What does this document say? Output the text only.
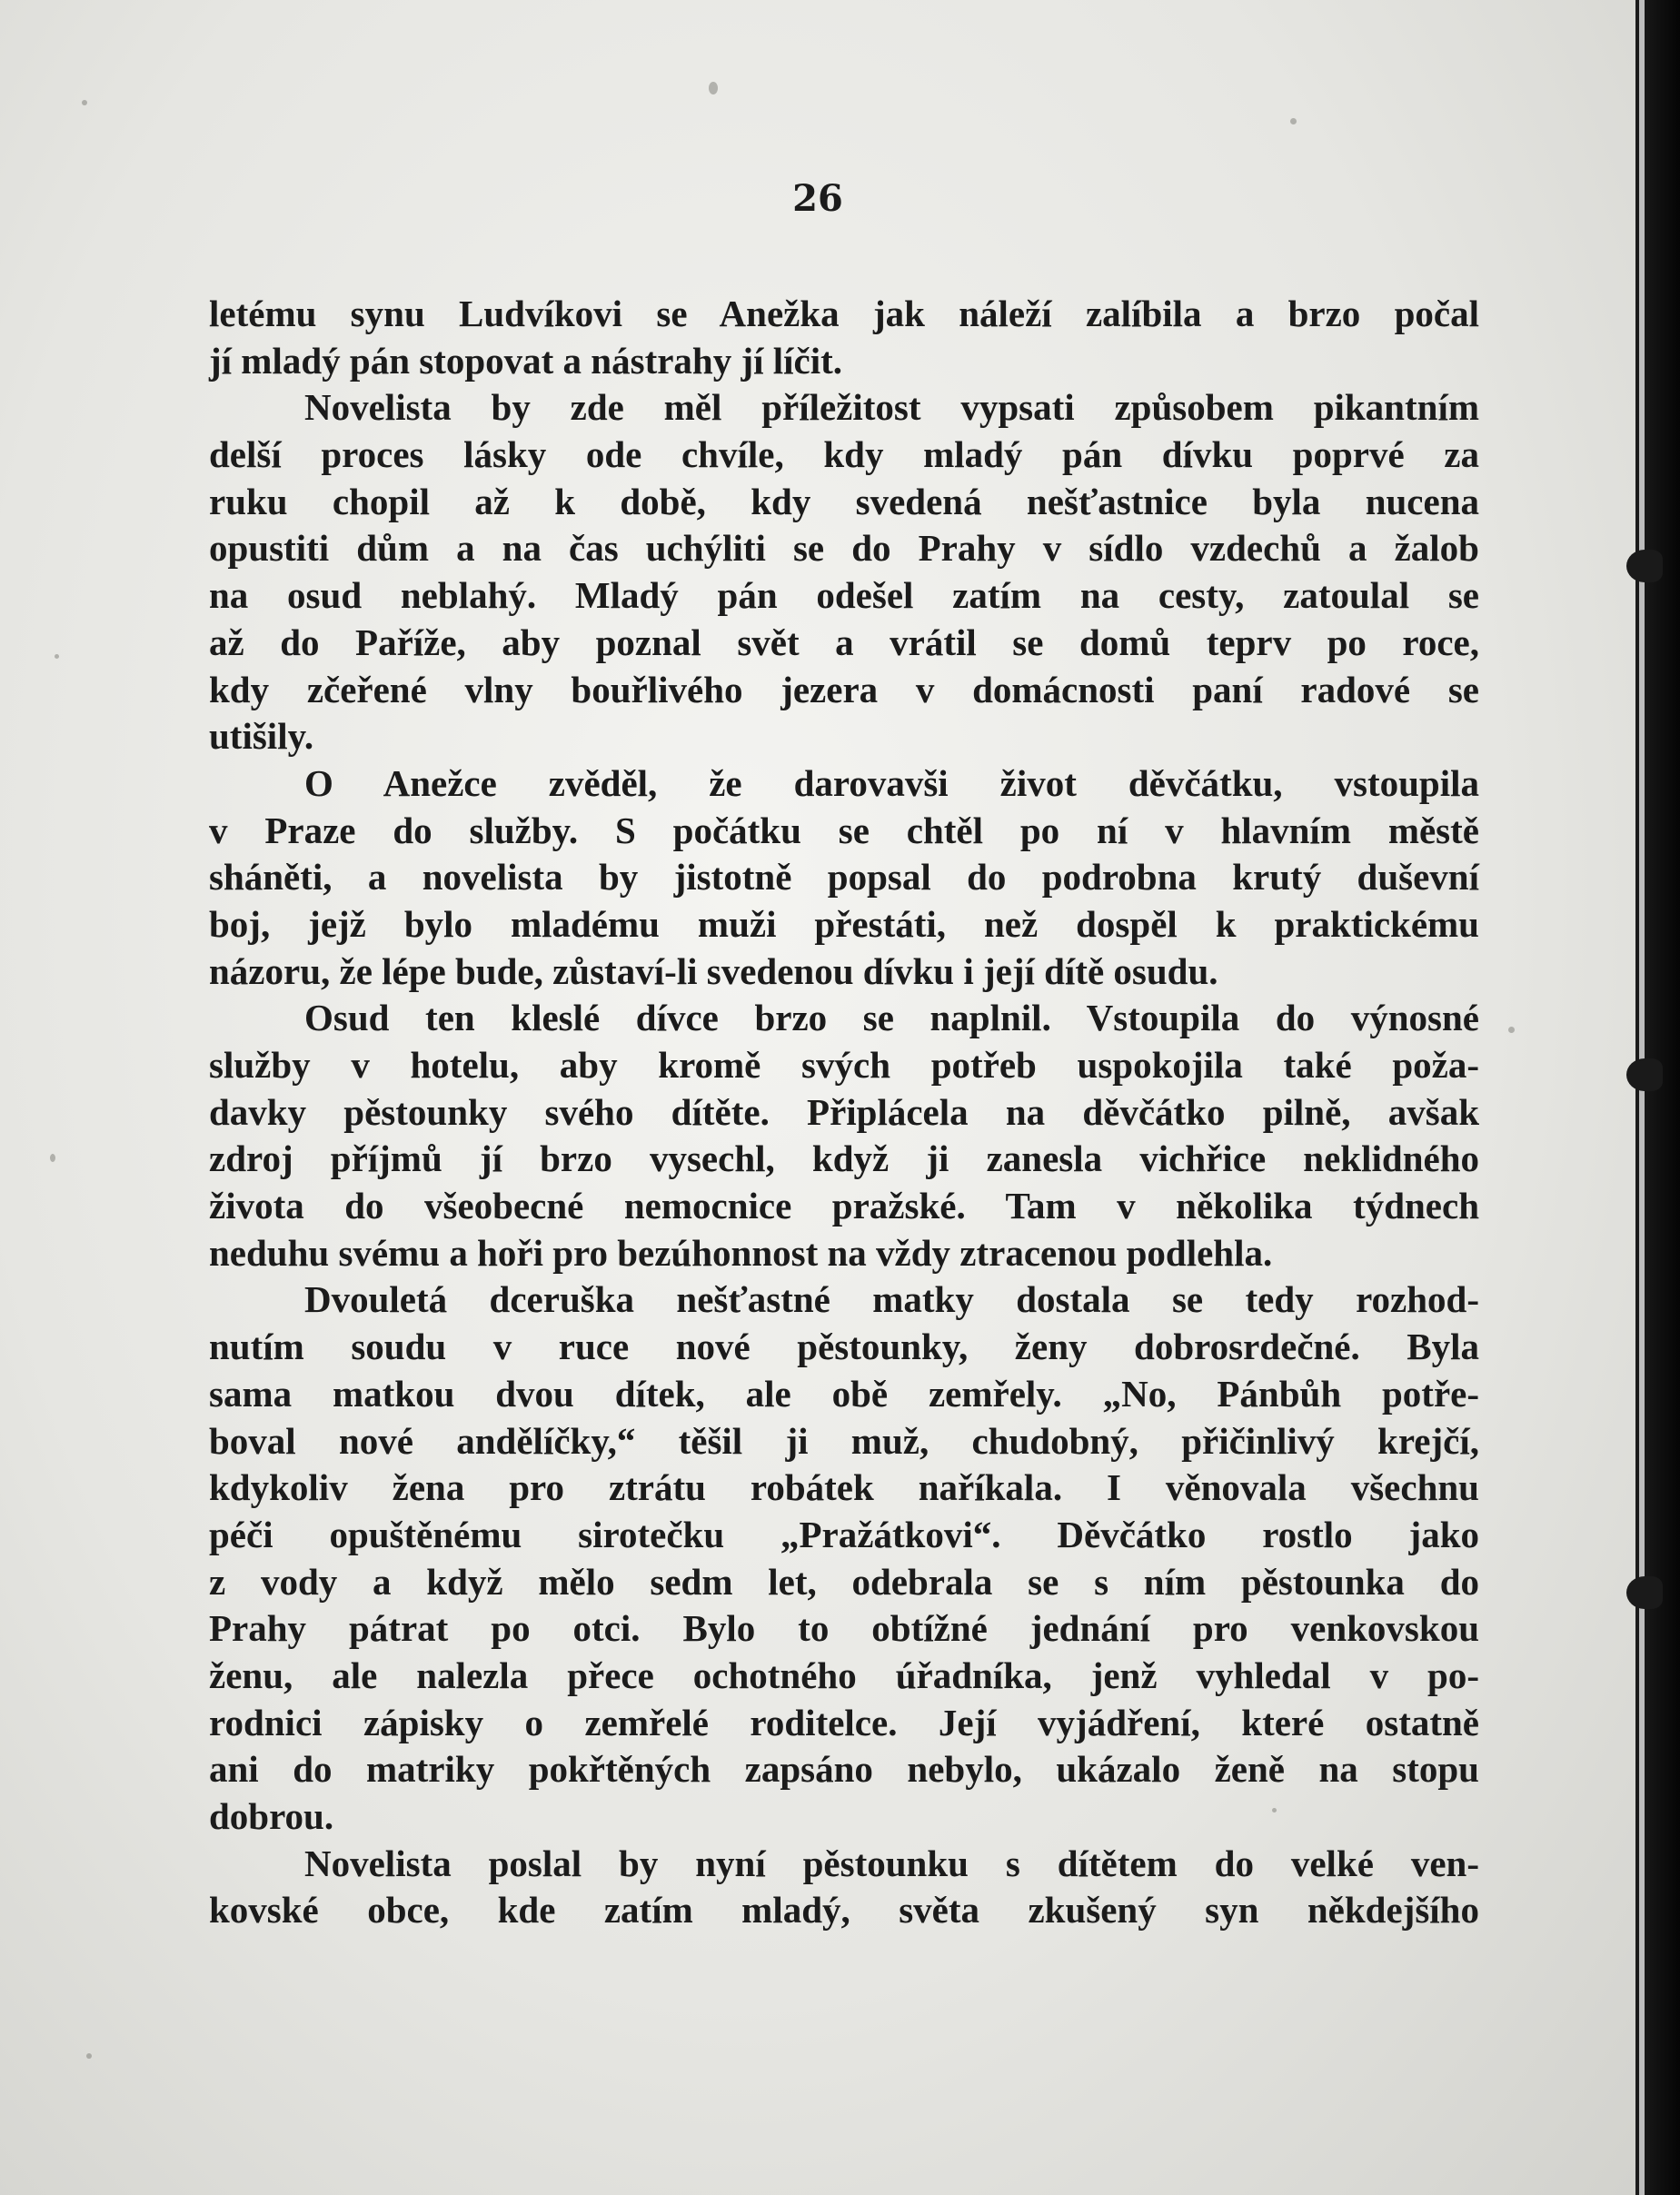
26
letému synu Ludvíkovi se Anežka jak náleží zalíbila a brzo počal
jí mladý pán stopovat a nástrahy jí líčit.
Novelista by zde měl příležitost vypsati způsobem pikantním
delší proces lásky ode chvíle, kdy mladý pán dívku poprvé za
ruku chopil až k době, kdy svedená nešťastnice byla nucena
opustiti dům a na čas uchýliti se do Prahy v sídlo vzdechů a žalob
na osud neblahý. Mladý pán odešel zatím na cesty, zatoulal se
až do Paříže, aby poznal svět a vrátil se domů teprv po roce,
kdy zčeřené vlny bouřlivého jezera v domácnosti paní radové se
utišily.
O Anežce zvěděl, že darovavši život děvčátku, vstoupila
v Praze do služby. S počátku se chtěl po ní v hlavním městě
sháněti, a novelista by jistotně popsal do podrobna krutý duševní
boj, jejž bylo mladému muži přestáti, než dospěl k praktickému
názoru, že lépe bude, zůstaví-li svedenou dívku i její dítě osudu.
Osud ten kleslé dívce brzo se naplnil. Vstoupila do výnosné
služby v hotelu, aby kromě svých potřeb uspokojila také poža-
davky pěstounky svého dítěte. Připlácela na děvčátko pilně, avšak
zdroj příjmů jí brzo vysechl, když ji zanesla vichřice neklidného
života do všeobecné nemocnice pražské. Tam v několika týdnech
neduhu svému a hoři pro bezúhonnost na vždy ztracenou podlehla.
Dvouletá dceruška nešťastné matky dostala se tedy rozhod-
nutím soudu v ruce nové pěstounky, ženy dobrosrdečné. Byla
sama matkou dvou dítek, ale obě zemřely. „No, Pánbůh potře-
boval nové andělíčky,“ těšil ji muž, chudobný, přičinlivý krejčí,
kdykoliv žena pro ztrátu robátek naříkala. I věnovala všechnu
péči opuštěnému sirotečku „Pražátkovi“. Děvčátko rostlo jako
z vody a když mělo sedm let, odebrala se s ním pěstounka do
Prahy pátrat po otci. Bylo to obtížné jednání pro venkovskou
ženu, ale nalezla přece ochotného úřadníka, jenž vyhledal v po-
rodnici zápisky o zemřelé roditelce. Její vyjádření, které ostatně
ani do matriky pokřtěných zapsáno nebylo, ukázalo ženě na stopu
dobrou.
Novelista poslal by nyní pěstounku s dítětem do velké ven-
kovské obce, kde zatím mladý, světa zkušený syn někdejšího
